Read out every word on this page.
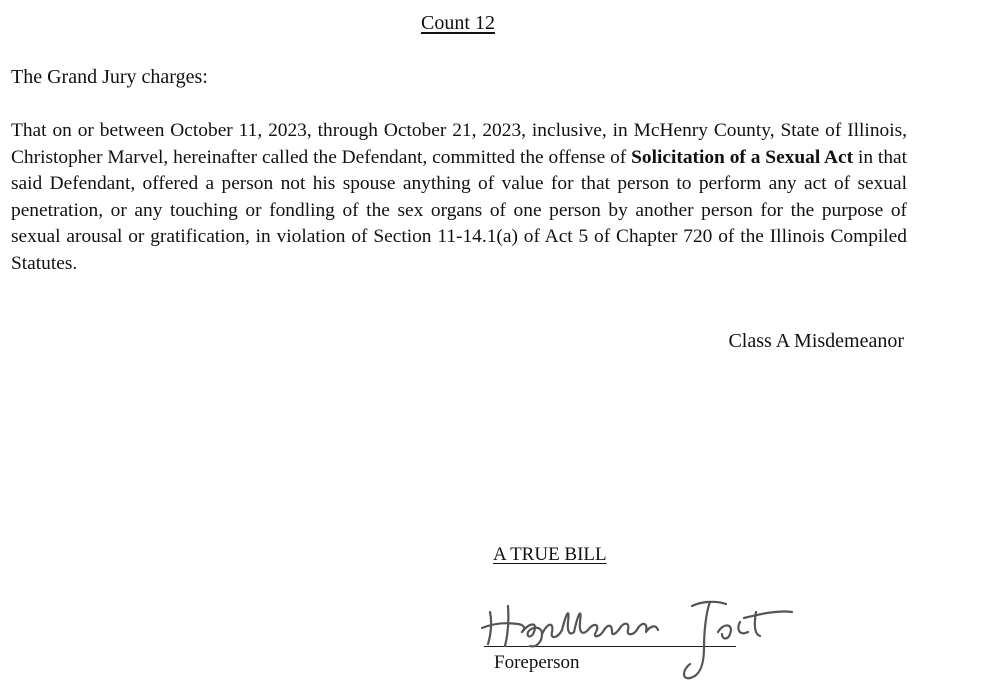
Count 12
The Grand Jury charges:
That on or between October 11, 2023, through October 21, 2023, inclusive, in McHenry County, State of Illinois, Christopher Marvel, hereinafter called the Defendant, committed the offense of Solicitation of a Sexual Act in that said Defendant, offered a person not his spouse anything of value for that person to perform any act of sexual penetration, or any touching or fondling of the sex organs of one person by another person for the purpose of sexual arousal or gratification, in violation of Section 11-14.1(a) of Act 5 of Chapter 720 of the Illinois Compiled Statutes.
Class A Misdemeanor
A TRUE BILL
Foreperson
